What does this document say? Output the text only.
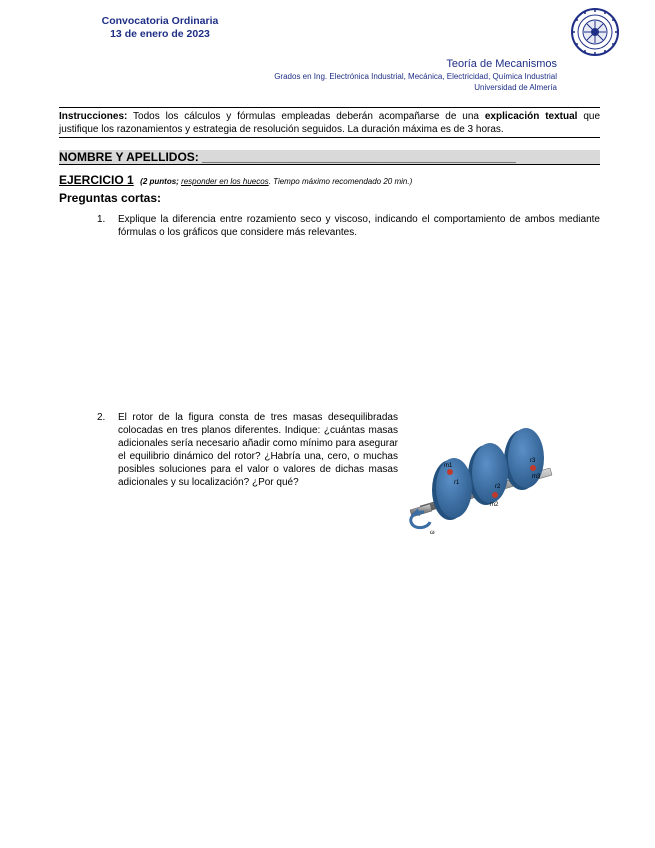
Convocatoria Ordinaria
13 de enero de 2023
Teoría de Mecanismos
Grados en Ing. Electrónica Industrial, Mecánica, Electricidad, Química Industrial
Universidad de Almería
Instrucciones: Todos los cálculos y fórmulas empleadas deberán acompañarse de una explicación textual que justifique los razonamientos y estrategia de resolución seguidos. La duración máxima es de 3 horas.
NOMBRE Y APELLIDOS: _______________________________________________
EJERCICIO 1 (2 puntos; responder en los huecos. Tiempo máximo recomendado 20 min.)
Preguntas cortas:
1. Explique la diferencia entre rozamiento seco y viscoso, indicando el comportamiento de ambos mediante fórmulas o los gráficos que considere más relevantes.
2. El rotor de la figura consta de tres masas desequilibradas colocadas en tres planos diferentes. Indique: ¿cuántas masas adicionales sería necesario añadir como mínimo para asegurar el equilibrio dinámico del rotor? ¿Habría una, cero, o muchas posibles soluciones para el valor o valores de dichas masas adicionales y su localización? ¿Por qué?
m1
r1
r2
m2
r3
m3
ω
